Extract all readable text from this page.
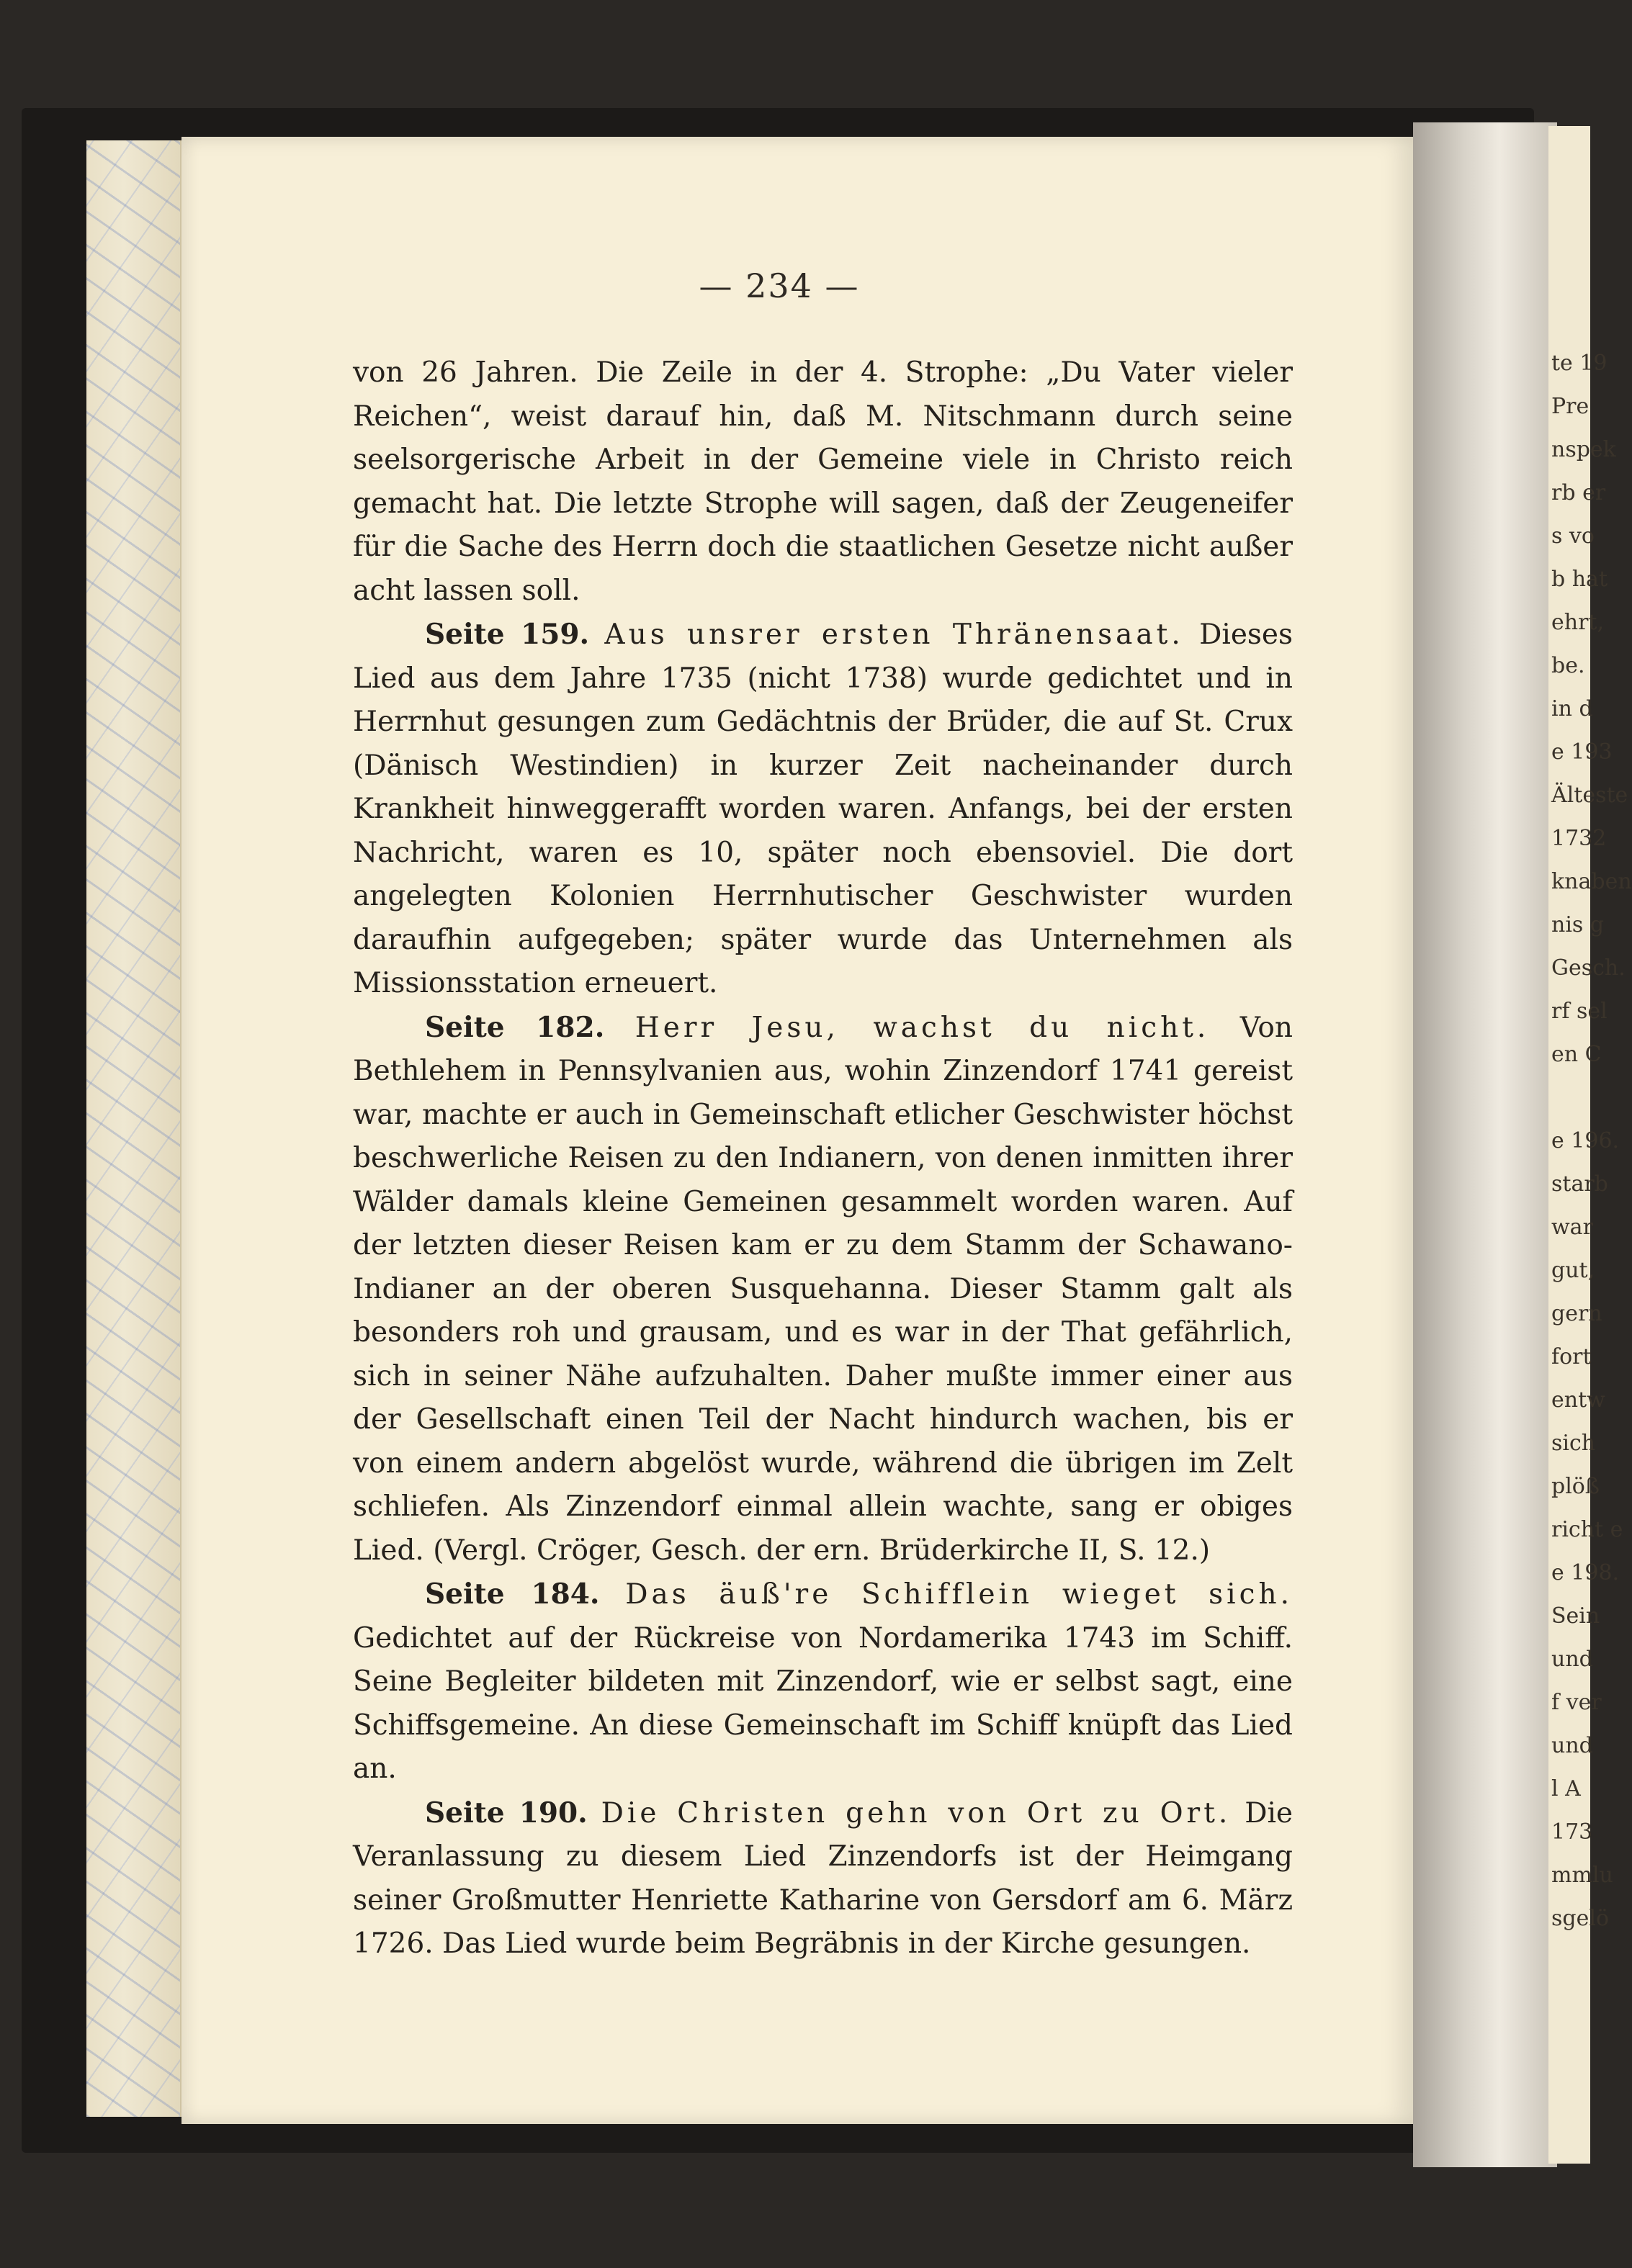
te 19
Pre
nspek
rb er
s vo
b hat
ehrt,
be.
in d
e 193
Älteste
1732
knaben
nis g
Gesch.
rf sel
en C

e 196.
starb
war
gut,
gern
fort
entw
sich
plöß
richt e
e 198.
Sein
und
f ver
und
l A
173
mmlu
sgelö
— 234 —

von 26 Jahren. Die Zeile in der 4. Strophe: „Du Vater vieler Reichen“, weist darauf hin, daß M. Nitschmann durch seine seelsorgerische Arbeit in der Gemeine viele in Christo reich gemacht hat. Die letzte Strophe will sagen, daß der Zeugeneifer für die Sache des Herrn doch die staatlichen Gesetze nicht außer acht lassen soll.

Seite 159. Aus unsrer ersten Thränensaat. Dieses Lied aus dem Jahre 1735 (nicht 1738) wurde gedichtet und in Herrnhut gesungen zum Gedächtnis der Brüder, die auf St. Crux (Dänisch Westindien) in kurzer Zeit nacheinander durch Krankheit hinweggerafft worden waren. Anfangs, bei der ersten Nachricht, waren es 10, später noch ebensoviel. Die dort angelegten Kolonien Herrnhutischer Geschwister wurden daraufhin aufgegeben; später wurde das Unternehmen als Missionsstation erneuert.

Seite 182. Herr Jesu, wachst du nicht. Von Bethlehem in Pennsylvanien aus, wohin Zinzendorf 1741 gereist war, machte er auch in Gemeinschaft etlicher Geschwister höchst beschwerliche Reisen zu den Indianern, von denen inmitten ihrer Wälder damals kleine Gemeinen gesammelt worden waren. Auf der letzten dieser Reisen kam er zu dem Stamm der Schawano-Indianer an der oberen Susquehanna. Dieser Stamm galt als besonders roh und grausam, und es war in der That gefährlich, sich in seiner Nähe aufzuhalten. Daher mußte immer einer aus der Gesellschaft einen Teil der Nacht hindurch wachen, bis er von einem andern abgelöst wurde, während die übrigen im Zelt schliefen. Als Zinzendorf einmal allein wachte, sang er obiges Lied. (Vergl. Cröger, Gesch. der ern. Brüderkirche II, S. 12.)

Seite 184. Das äuß're Schifflein wieget sich. Gedichtet auf der Rückreise von Nordamerika 1743 im Schiff. Seine Begleiter bildeten mit Zinzendorf, wie er selbst sagt, eine Schiffsgemeine. An diese Gemeinschaft im Schiff knüpft das Lied an.

Seite 190. Die Christen gehn von Ort zu Ort. Die Veranlassung zu diesem Lied Zinzendorfs ist der Heimgang seiner Großmutter Henriette Katharine von Gersdorf am 6. März 1726. Das Lied wurde beim Begräbnis in der Kirche gesungen.
